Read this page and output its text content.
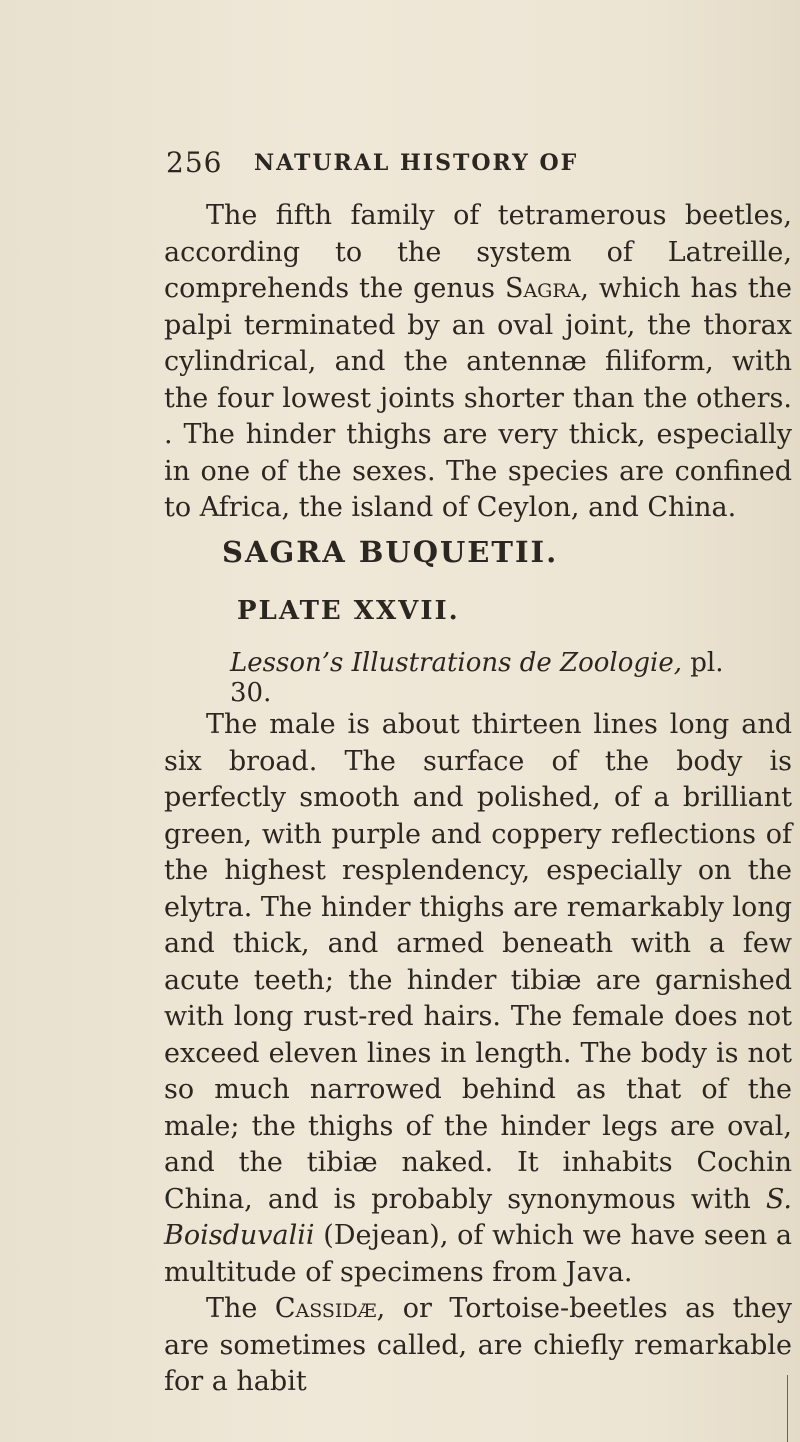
256 NATURAL HISTORY OF

The fifth family of tetramerous beetles, according to the system of Latreille, comprehends the genus Sagra, which has the palpi terminated by an oval joint, the thorax cylindrical, and the antennæ filiform, with the four lowest joints shorter than the others. . The hinder thighs are very thick, especially in one of the sexes. The species are confined to Africa, the island of Ceylon, and China.

SAGRA BUQUETII.
PLATE XXVII.
Lesson’s Illustrations de Zoologie, pl. 30.

The male is about thirteen lines long and six broad. The surface of the body is perfectly smooth and polished, of a brilliant green, with purple and coppery reflections of the highest resplendency, especially on the elytra. The hinder thighs are remarkably long and thick, and armed beneath with a few acute teeth; the hinder tibiæ are garnished with long rust-red hairs. The female does not exceed eleven lines in length. The body is not so much narrowed behind as that of the male; the thighs of the hinder legs are oval, and the tibiæ naked. It inhabits Cochin China, and is probably synonymous with S. Boisduvalii (Dejean), of which we have seen a multitude of specimens from Java.

The Cassidæ, or Tortoise-beetles as they are sometimes called, are chiefly remarkable for a habit
